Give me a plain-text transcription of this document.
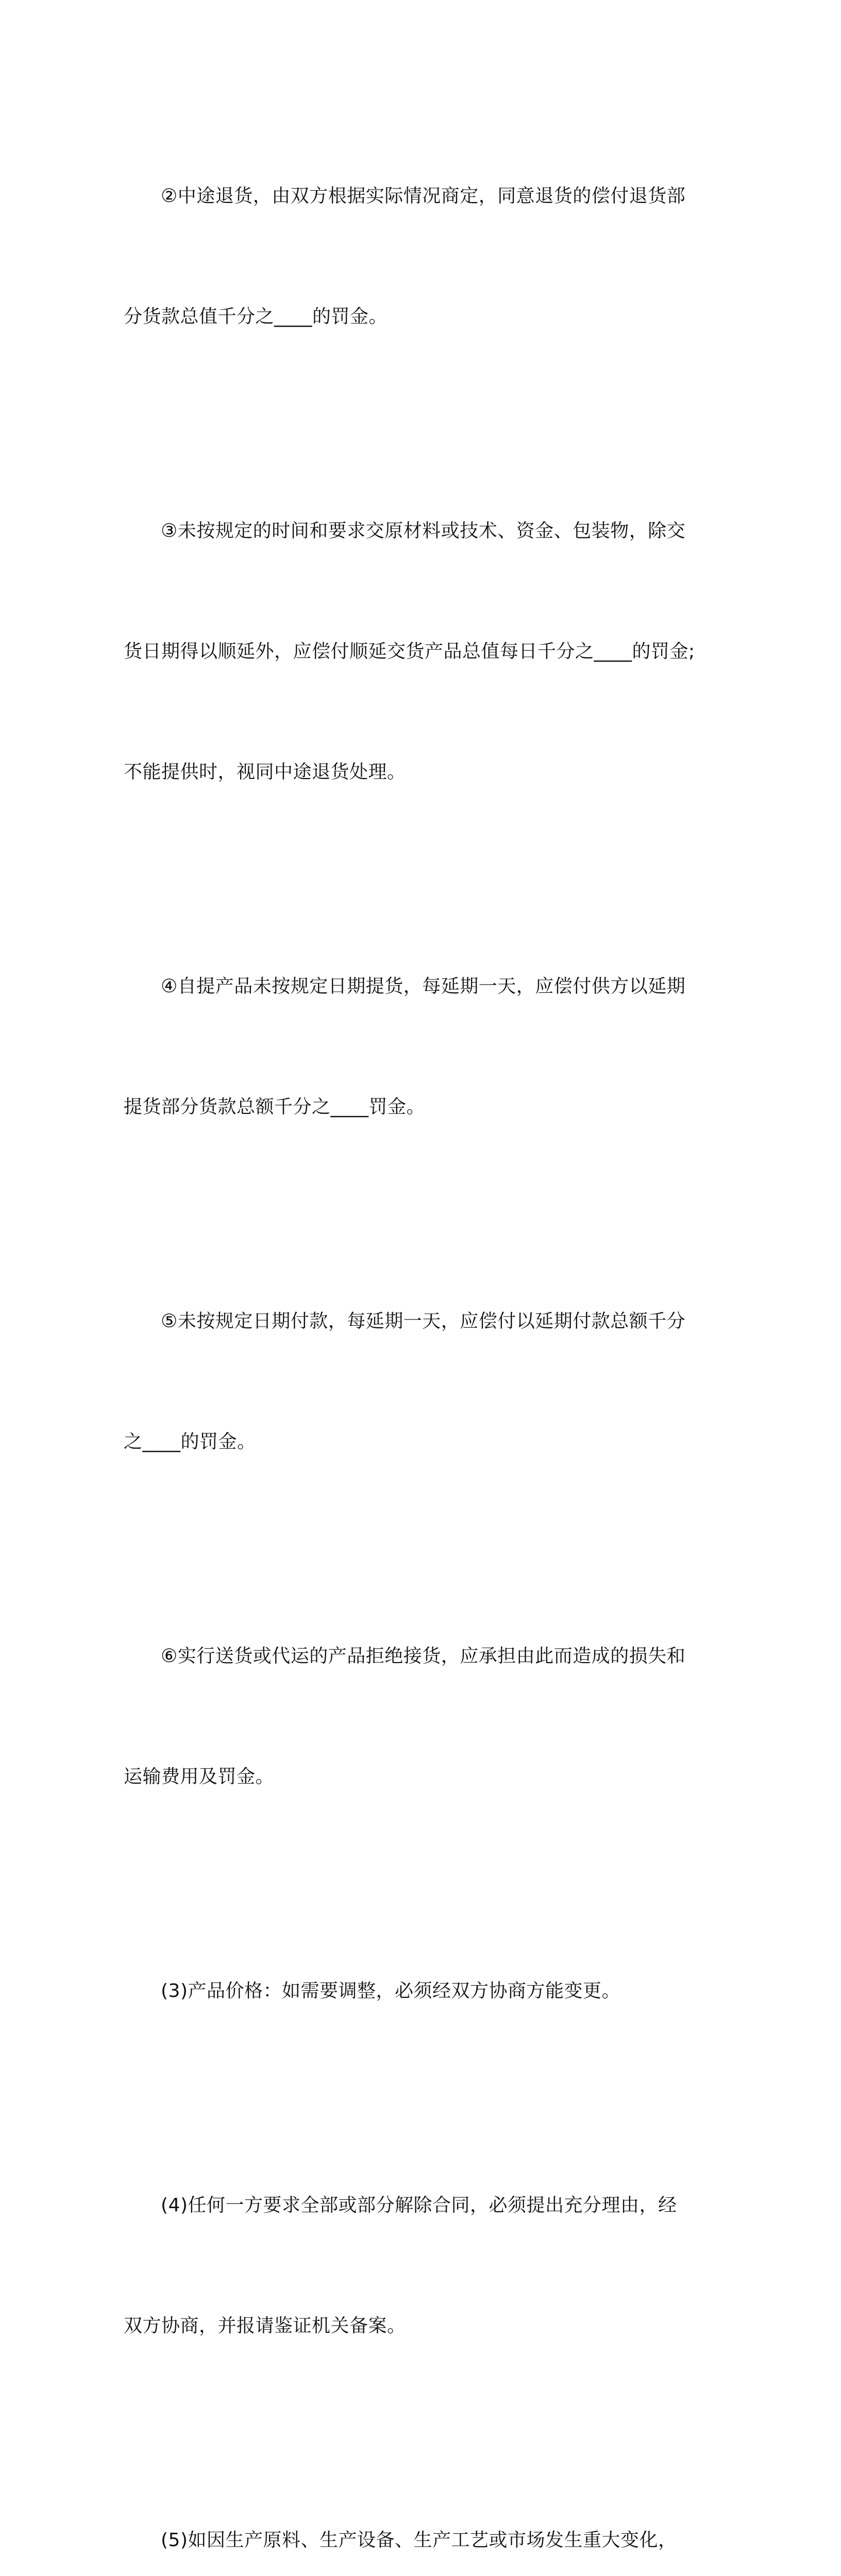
②中途退货，由双方根据实际情况商定，同意退货的偿付退货部

分货款总值千分之____的罚金。

③未按规定的时间和要求交原材料或技术、资金、包装物，除交

货日期得以顺延外，应偿付顺延交货产品总值每日千分之____的罚金;

不能提供时，视同中途退货处理。

④自提产品未按规定日期提货，每延期一天，应偿付供方以延期

提货部分货款总额千分之____罚金。

⑤未按规定日期付款，每延期一天，应偿付以延期付款总额千分

之____的罚金。

⑥实行送货或代运的产品拒绝接货，应承担由此而造成的损失和

运输费用及罚金。

(3)产品价格：如需要调整，必须经双方协商方能变更。

(4)任何一方要求全部或部分解除合同，必须提出充分理由，经

双方协商，并报请鉴证机关备案。

(5)如因生产原料、生产设备、生产工艺或市场发生重大变化，
